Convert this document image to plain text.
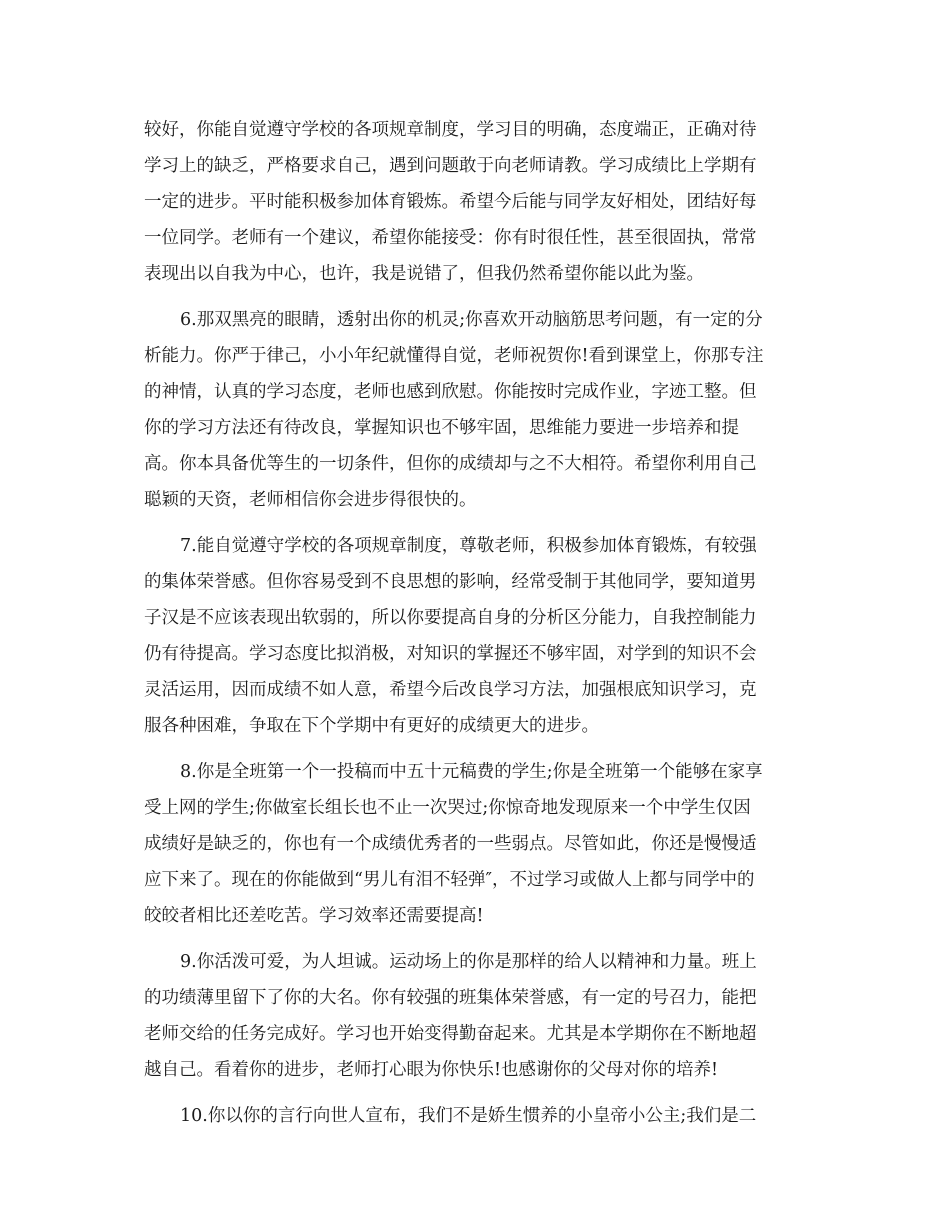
较好，你能自觉遵守学校的各项规章制度，学习目的明确，态度端正，正确对待
学习上的缺乏，严格要求自己，遇到问题敢于向老师请教。学习成绩比上学期有
一定的进步。平时能积极参加体育锻炼。希望今后能与同学友好相处，团结好每
一位同学。老师有一个建议，希望你能接受：你有时很任性，甚至很固执，常常
表现出以自我为中心，也许，我是说错了，但我仍然希望你能以此为鉴。
6.那双黑亮的眼睛，透射出你的机灵;你喜欢开动脑筋思考问题，有一定的分
析能力。你严于律己，小小年纪就懂得自觉，老师祝贺你!看到课堂上，你那专注
的神情，认真的学习态度，老师也感到欣慰。你能按时完成作业，字迹工整。但
你的学习方法还有待改良，掌握知识也不够牢固，思维能力要进一步培养和提
高。你本具备优等生的一切条件，但你的成绩却与之不大相符。希望你利用自己
聪颖的天资，老师相信你会进步得很快的。
7.能自觉遵守学校的各项规章制度，尊敬老师，积极参加体育锻炼，有较强
的集体荣誉感。但你容易受到不良思想的影响，经常受制于其他同学，要知道男
子汉是不应该表现出软弱的，所以你要提高自身的分析区分能力，自我控制能力
仍有待提高。学习态度比拟消极，对知识的掌握还不够牢固，对学到的知识不会
灵活运用，因而成绩不如人意，希望今后改良学习方法，加强根底知识学习，克
服各种困难，争取在下个学期中有更好的成绩更大的进步。
8.你是全班第一个一投稿而中五十元稿费的学生;你是全班第一个能够在家享
受上网的学生;你做室长组长也不止一次哭过;你惊奇地发现原来一个中学生仅因
成绩好是缺乏的，你也有一个成绩优秀者的一些弱点。尽管如此，你还是慢慢适
应下来了。现在的你能做到“男儿有泪不轻弹″，不过学习或做人上都与同学中的
皎皎者相比还差吃苦。学习效率还需要提高!
9.你活泼可爱，为人坦诚。运动场上的你是那样的给人以精神和力量。班上
的功绩薄里留下了你的大名。你有较强的班集体荣誉感，有一定的号召力，能把
老师交给的任务完成好。学习也开始变得勤奋起来。尤其是本学期你在不断地超
越自己。看着你的进步，老师打心眼为你快乐!也感谢你的父母对你的培养!
10.你以你的言行向世人宣布，我们不是娇生惯养的小皇帝小公主;我们是二
